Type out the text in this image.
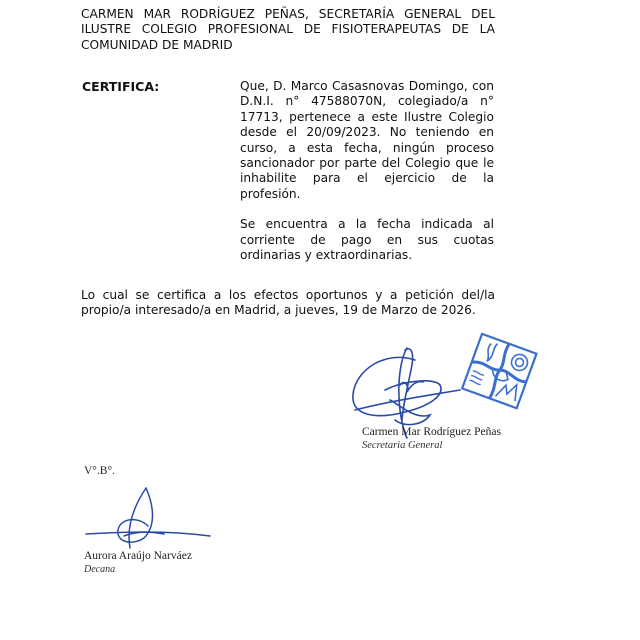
CARMEN MAR RODRÍGUEZ PEÑAS, SECRETARÍA GENERAL DEL
ILUSTRE COLEGIO PROFESIONAL DE FISIOTERAPEUTAS DE LA
COMUNIDAD DE MADRID
CERTIFICA:	Que, D. Marco Casasnovas Domingo, con D.N.I. n° 47588070N, colegiado/a n° 17713, pertenece a este Ilustre Colegio desde el 20/09/2023. No teniendo en curso, a esta fecha, ningún proceso sancionador por parte del Colegio que le inhabilite para el ejercicio de la profesión.

Se encuentra a la fecha indicada al corriente de pago en sus cuotas ordinarias y extraordinarias.

Lo cual se certifica a los efectos oportunos y a petición del/la propio/a interesado/a en Madrid, a jueves, 19 de Marzo de 2026.
Carmen Mar Rodríguez Peñas
Secretaria General
V°.B°.
Aurora Araújo Narváez
Decana
